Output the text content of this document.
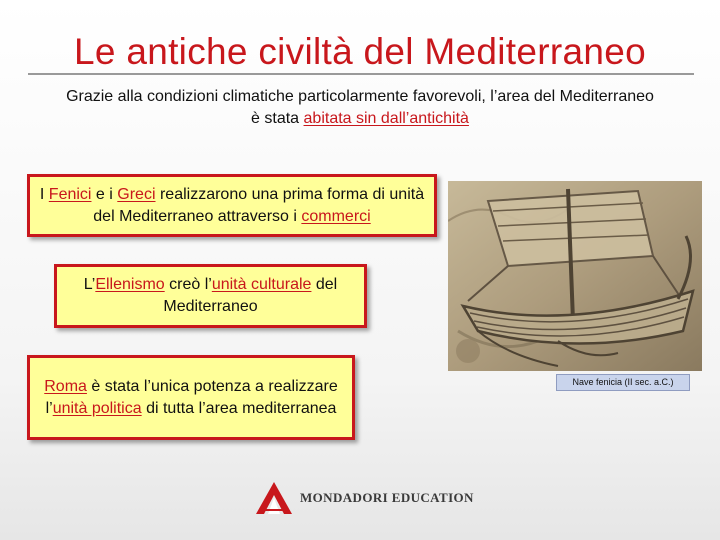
Le antiche civiltà del Mediterraneo
Grazie alla condizioni climatiche particolarmente favorevoli, l’area del Mediterraneo
è stata abitata sin dall’antichità
I Fenici e i Greci realizzarono una prima forma di unità del Mediterraneo attraverso i commerci
L’Ellenismo creò l’unità culturale del Mediterraneo
Roma è stata l’unica potenza a realizzare l’unità politica di tutta l’area mediterranea
Nave fenicia (II sec. a.C.)
MONDADORI EDUCATION
